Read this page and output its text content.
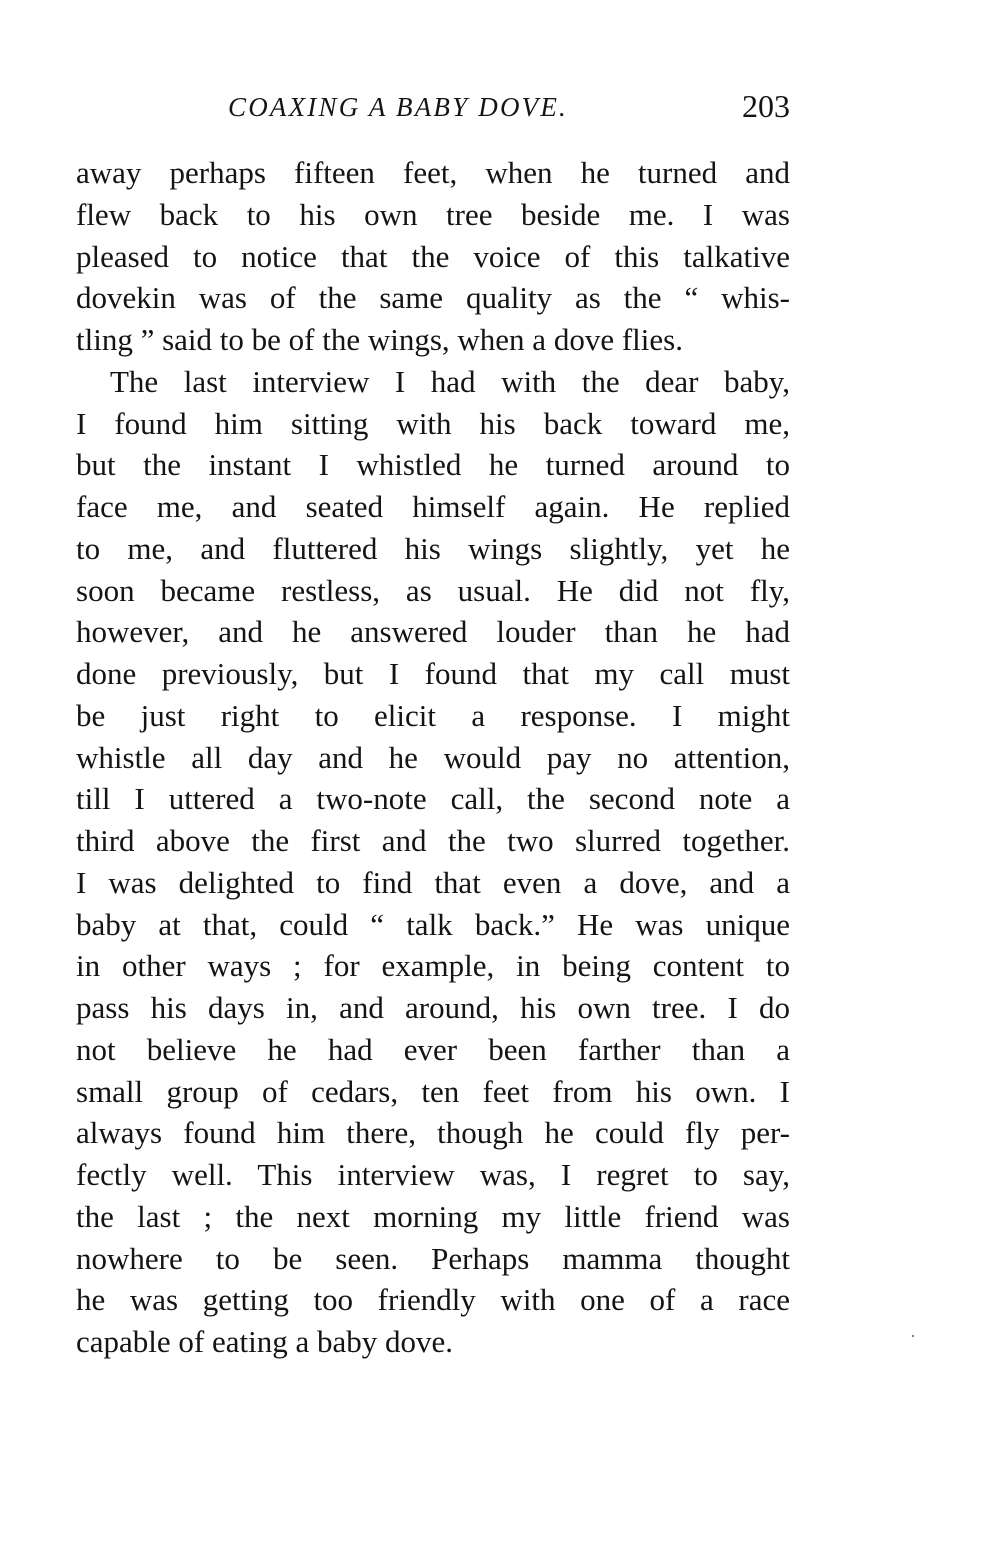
COAXING A BABY DOVE.	203
away perhaps fifteen feet, when he turned and
flew back to his own tree beside me. I was
pleased to notice that the voice of this talkative
dovekin was of the same quality as the “ whis-
tling ” said to be of the wings, when a dove flies.
The last interview I had with the dear baby,
I found him sitting with his back toward me,
but the instant I whistled he turned around to
face me, and seated himself again. He replied
to me, and fluttered his wings slightly, yet he
soon became restless, as usual. He did not fly,
however, and he answered louder than he had
done previously, but I found that my call must
be just right to elicit a response. I might
whistle all day and he would pay no attention,
till I uttered a two-note call, the second note a
third above the first and the two slurred together.
I was delighted to find that even a dove, and a
baby at that, could “ talk back.” He was unique
in other ways ; for example, in being content to
pass his days in, and around, his own tree. I do
not believe he had ever been farther than a
small group of cedars, ten feet from his own. I
always found him there, though he could fly per-
fectly well. This interview was, I regret to say,
the last ; the next morning my little friend was
nowhere to be seen. Perhaps mamma thought
he was getting too friendly with one of a race
capable of eating a baby dove.
